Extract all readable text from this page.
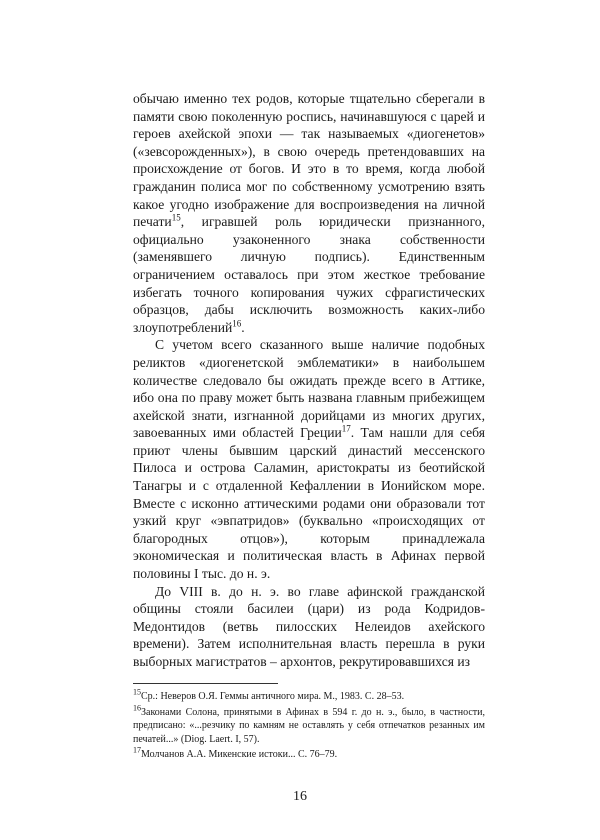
обычаю именно тех родов, которые тщательно сберегали в памяти свою поколенную роспись, начинавшуюся с царей и героев ахейской эпохи — так называемых «диогенетов» («зевсорожденных»), в свою очередь претендовавших на происхождение от богов. И это в то время, когда любой гражданин полиса мог по собственному усмотрению взять какое угодно изображение для воспроизведения на личной печати$^{15}$, игравшей роль юридически признанного, официально узаконенного знака собственности (заменявшего личную подпись). Единственным ограничением оставалось при этом жесткое требование избегать точного копирования чужих сфрагистических образцов, дабы исключить возможность каких-либо злоупотреблений$^{16}$.

С учетом всего сказанного выше наличие подобных реликтов «диогенетской эмблематики» в наибольшем количестве следовало бы ожидать прежде всего в Аттике, ибо она по праву может быть названа главным прибежищем ахейской знати, изгнанной дорийцами из многих других, завоеванных ими областей Греции$^{17}$. Там нашли для себя приют члены бывшим царский династий мессенского Пилоса и острова Саламин, аристократы из беотийской Танагры и с отдаленной Кефаллении в Ионийском море. Вместе с исконно аттическими родами они образовали тот узкий круг «эвпатридов» (буквально «происходящих от благородных отцов»), которым принадлежала экономическая и политическая власть в Афинах первой половины I тыс. до н. э.

До VIII в. до н. э. во главе афинской гражданской общины стояли басилеи (цари) из рода Кодридов-Медонтидов (ветвь пилосских Нелеидов ахейского времени). Затем исполнительная власть перешла в руки выборных магистратов – архонтов, рекрутировавшихся из

$^{15}$Ср.: Неверов О.Я. Геммы античного мира. М., 1983. С. 28–53.

$^{16}$Законами Солона, принятыми в Афинах в 594 г. до н. э., было, в частности, предписано: «...резчику по камням не оставлять у себя отпечатков резанных им печатей...» (Diog. Laert. I, 57).

$^{17}$Молчанов А.А. Микенские истоки... С. 76–79.

16
